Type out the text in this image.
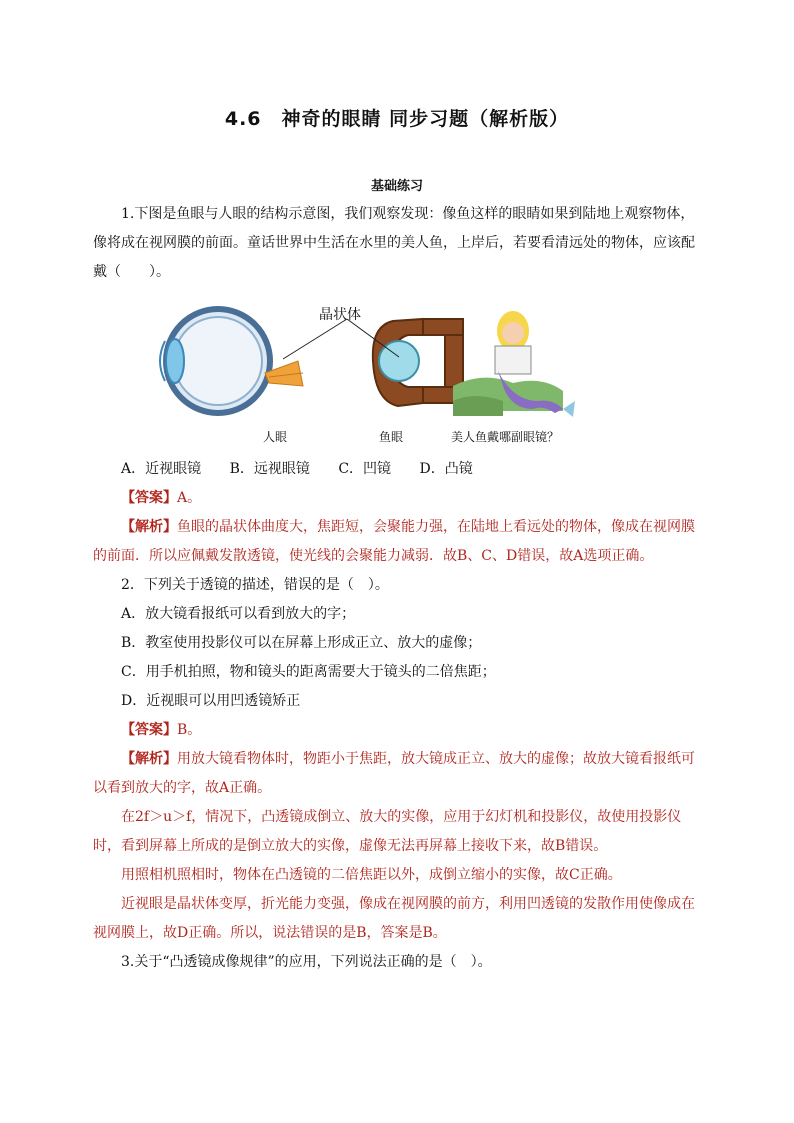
4.6　神奇的眼睛 同步习题（解析版）
基础练习

1.下图是鱼眼与人眼的结构示意图，我们观察发现：像鱼这样的眼睛如果到陆地上观察物体，像将成在视网膜的前面。童话世界中生活在水里的美人鱼，上岸后，若要看清远处的物体，应该配戴（　　）。

晶状体
人眼	鱼眼	美人鱼戴哪副眼镜？

A．近视眼镜 B．远视眼镜 C．凹镜 D．凸镜

【答案】A。

【解析】鱼眼的晶状体曲度大，焦距短，会聚能力强，在陆地上看远处的物体，像成在视网膜的前面．所以应佩戴发散透镜，使光线的会聚能力减弱．故B、C、D错误，故A选项正确。

2．下列关于透镜的描述，错误的是（　）。

A．放大镜看报纸可以看到放大的字；

B．教室使用投影仪可以在屏幕上形成正立、放大的虚像；

C．用手机拍照，物和镜头的距离需要大于镜头的二倍焦距；

D．近视眼可以用凹透镜矫正

【答案】B。

【解析】用放大镜看物体时，物距小于焦距，放大镜成正立、放大的虚像；故放大镜看报纸可以看到放大的字，故A正确。

在2f＞u＞f，情况下，凸透镜成倒立、放大的实像，应用于幻灯机和投影仪，故使用投影仪时，看到屏幕上所成的是倒立放大的实像，虚像无法再屏幕上接收下来，故B错误。

用照相机照相时，物体在凸透镜的二倍焦距以外，成倒立缩小的实像，故C正确。

近视眼是晶状体变厚，折光能力变强，像成在视网膜的前方，利用凹透镜的发散作用使像成在视网膜上，故D正确。所以，说法错误的是B，答案是B。

3.关于“凸透镜成像规律”的应用，下列说法正确的是（　）。
